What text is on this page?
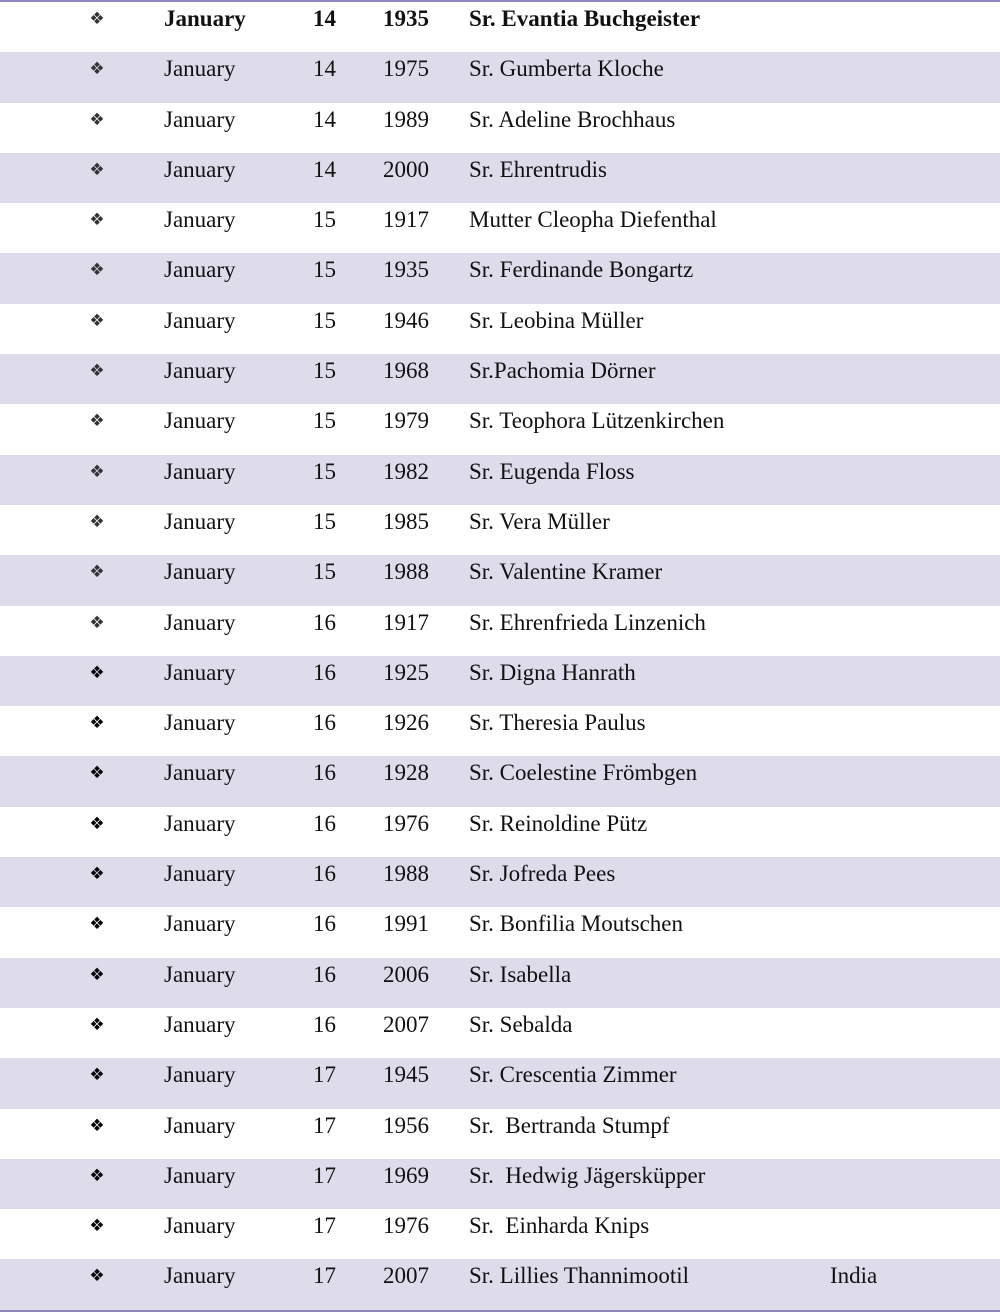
❖	January	14 1935 Sr. Evantia Buchgeister
❖	January	14 1975 Sr. Gumberta Kloche
❖	January	14 1989 Sr. Adeline Brochhaus
❖	January	14 2000 Sr. Ehrentrudis
❖	January	15 1917 Mutter Cleopha Diefenthal
❖	January	15 1935 Sr. Ferdinande Bongartz
❖	January	15 1946 Sr. Leobina Müller
❖	January	15 1968 Sr.Pachomia Dörner
❖	January	15 1979 Sr. Teophora Lützenkirchen
❖	January	15 1982 Sr. Eugenda Floss
❖	January	15 1985 Sr. Vera Müller
❖	January	15 1988 Sr. Valentine Kramer
❖	January	16 1917 Sr. Ehrenfrieda Linzenich
❖	January	16 1925 Sr. Digna Hanrath
❖	January	16 1926 Sr. Theresia Paulus
❖	January	16 1928 Sr. Coelestine Frömbgen
❖	January	16 1976 Sr. Reinoldine Pütz
❖	January	16 1988 Sr. Jofreda Pees
❖	January	16 1991 Sr. Bonfilia Moutschen
❖	January	16 2006 Sr. Isabella
❖	January	16 2007 Sr. Sebalda
❖	January	17 1945 Sr. Crescentia Zimmer
❖	January	17 1956 Sr.  Bertranda Stumpf
❖	January	17 1969 Sr.  Hedwig Jägersküpper
❖	January	17 1976 Sr.  Einharda Knips
❖	January	17 2007 Sr. Lillies Thannimootil	India
